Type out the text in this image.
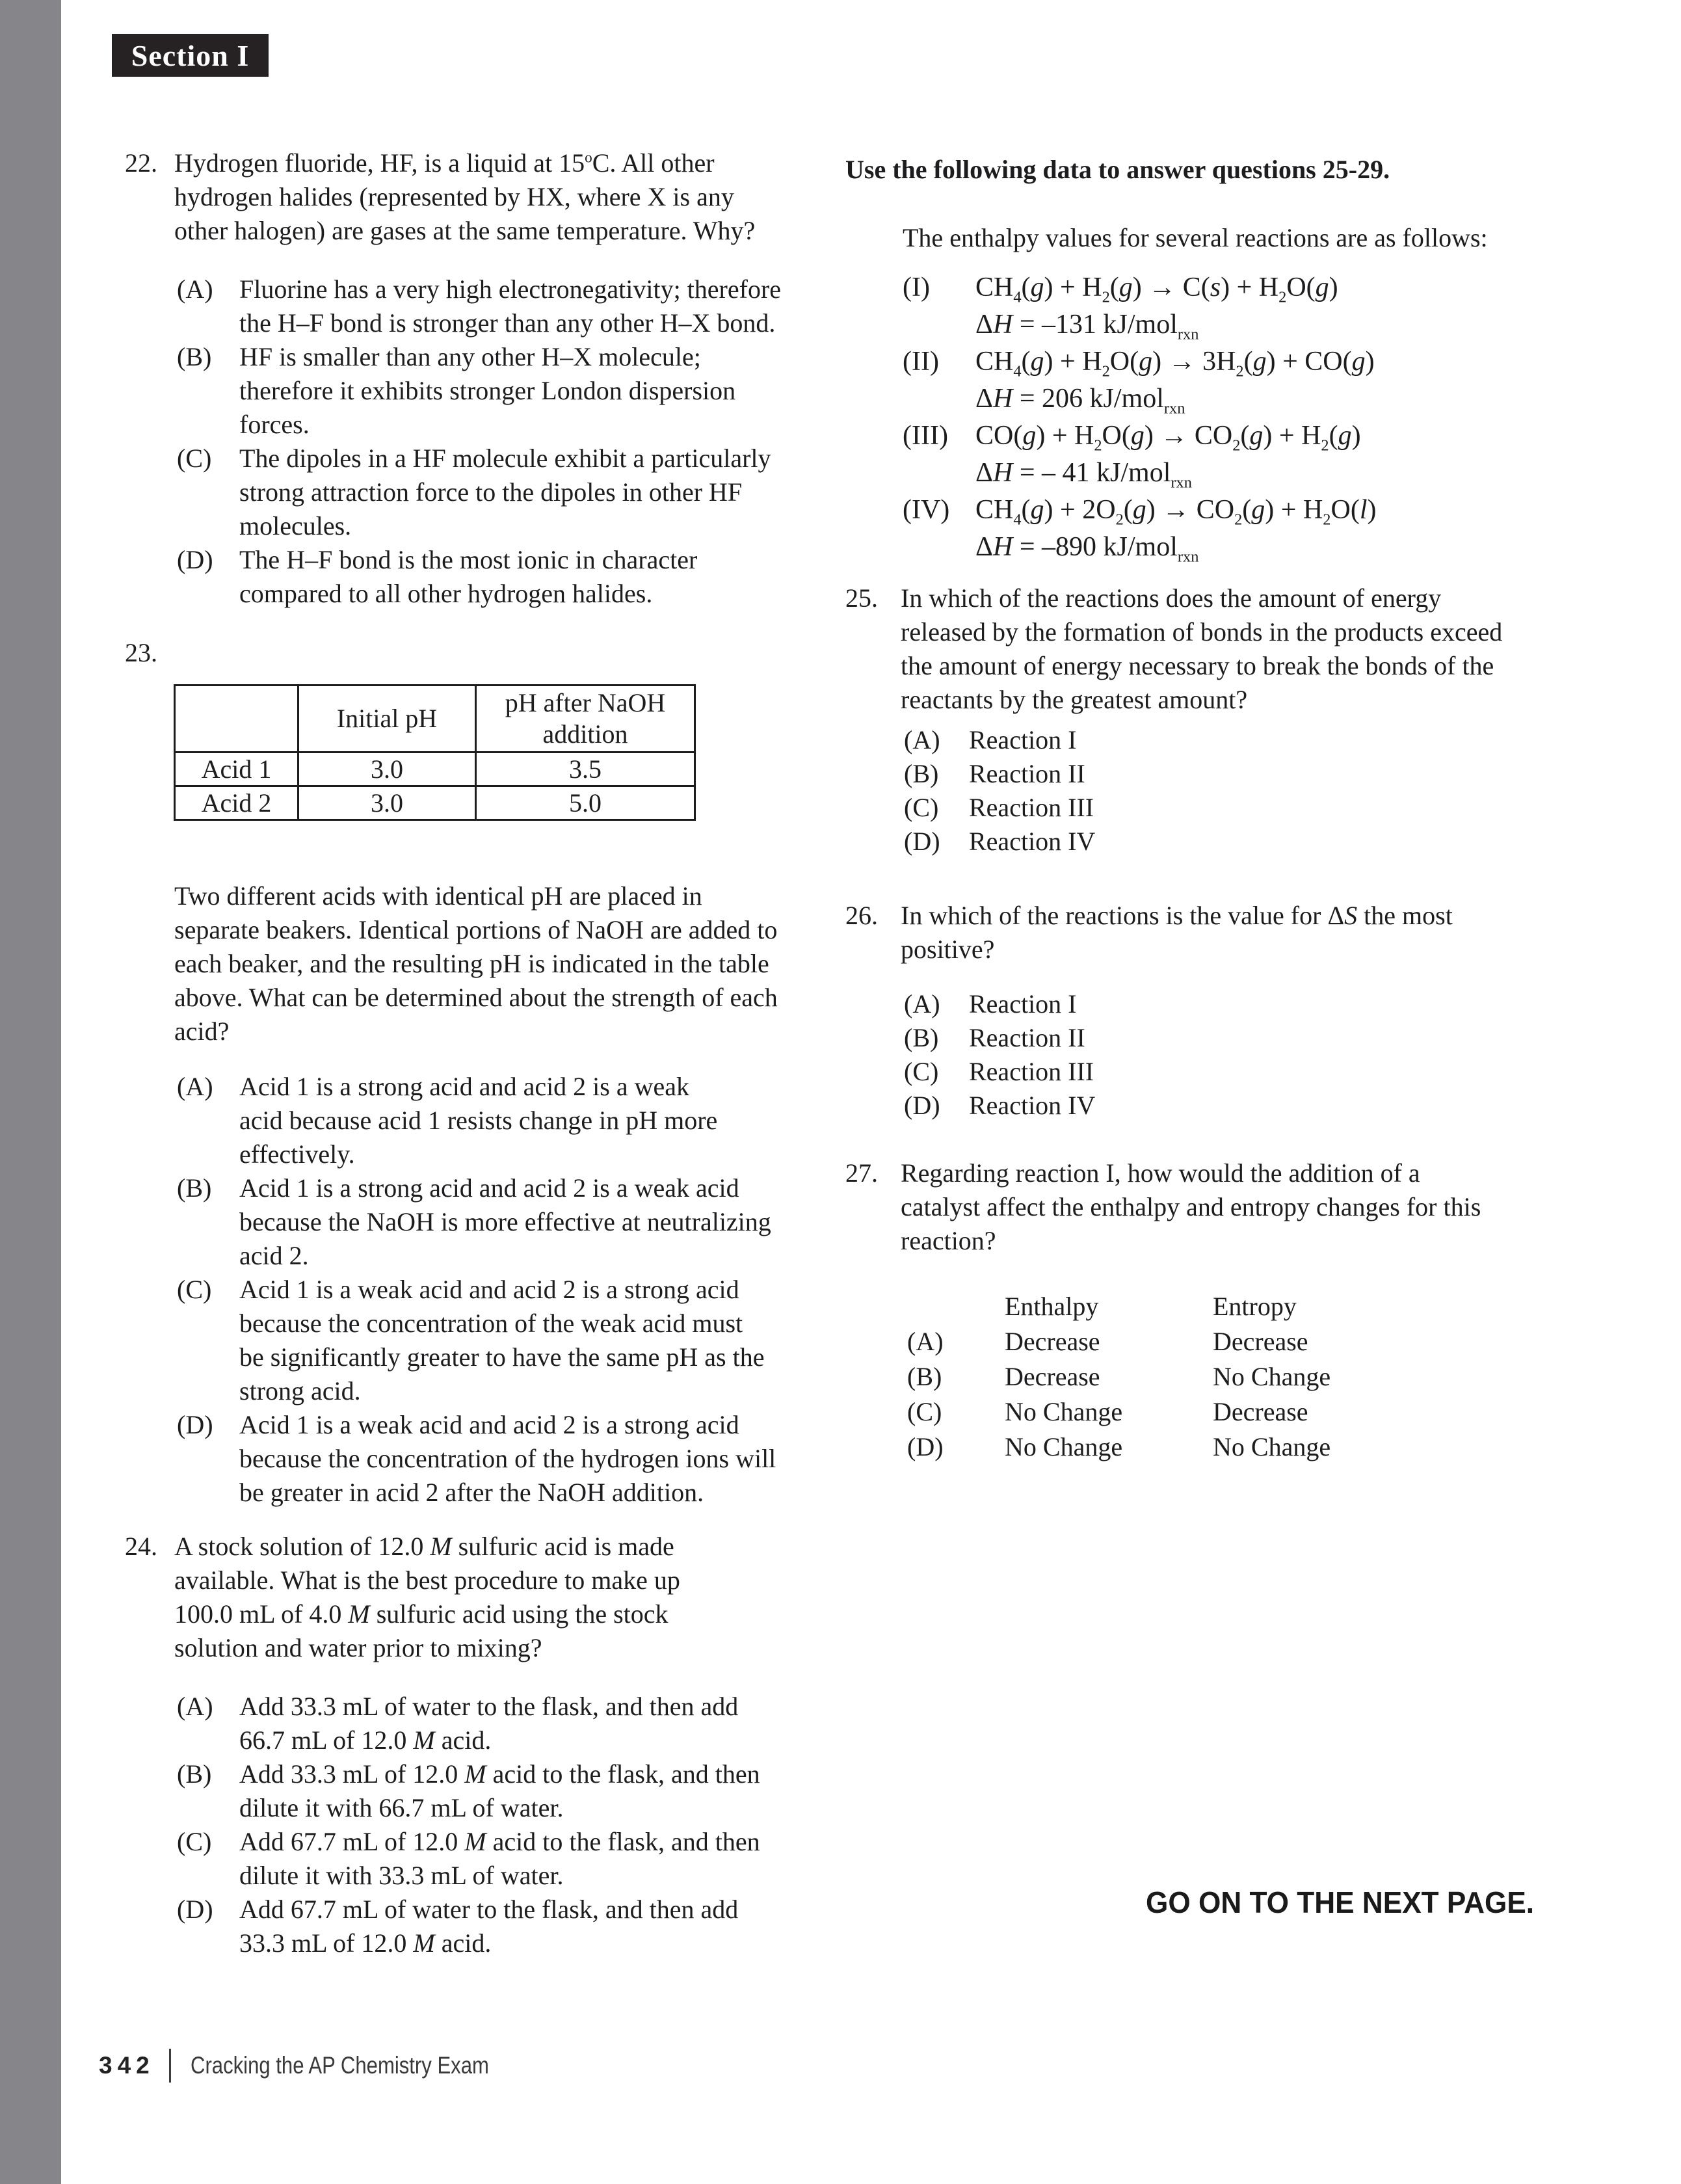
Section I
22. Hydrogen fluoride, HF, is a liquid at 15$^o$C. All other
hydrogen halides (represented by HX, where X is any
other halogen) are gases at the same temperature. Why?
(A)	Fluorine has a very high electronegativity; therefore
the H–F bond is stronger than any other H–X bond.
(B)	HF is smaller than any other H–X molecule;
therefore it exhibits stronger London dispersion
forces.
(C)	The dipoles in a HF molecule exhibit a particularly
strong attraction force to the dipoles in other HF
molecules.
(D)	The H–F bond is the most ionic in character
compared to all other hydrogen halides.
23.
	Initial pH	pH after NaOH
addition

Acid 1	3.0	3.5
Acid 2	3.0	5.0
Two different acids with identical pH are placed in
separate beakers. Identical portions of NaOH are added to
each beaker, and the resulting pH is indicated in the table
above. What can be determined about the strength of each
acid?
(A)	Acid 1 is a strong acid and acid 2 is a weak
acid because acid 1 resists change in pH more
effectively.
(B)	Acid 1 is a strong acid and acid 2 is a weak acid
because the NaOH is more effective at neutralizing
acid 2.
(C)	Acid 1 is a weak acid and acid 2 is a strong acid
because the concentration of the weak acid must
be significantly greater to have the same pH as the
strong acid.
(D)	Acid 1 is a weak acid and acid 2 is a strong acid
because the concentration of the hydrogen ions will
be greater in acid 2 after the NaOH addition.
24. A stock solution of 12.0 M sulfuric acid is made
available. What is the best procedure to make up
100.0 mL of 4.0 M sulfuric acid using the stock
solution and water prior to mixing?
(A)	Add 33.3 mL of water to the flask, and then add
66.7 mL of 12.0 M acid.
(B)	Add 33.3 mL of 12.0 M acid to the flask, and then
dilute it with 66.7 mL of water.
(C)	Add 67.7 mL of 12.0 M acid to the flask, and then
dilute it with 33.3 mL of water.
(D)	Add 67.7 mL of water to the flask, and then add
33.3 mL of 12.0 M acid.
Use the following data to answer questions 25-29.
The enthalpy values for several reactions are as follows:
(I)	$CH_4(g) + H_2(g) \to C(s) + H_2O(g)$
ΔH = –131 kJ/mol$_{rxn}$
(II)	$CH_4(g) + H_2O(g) \to 3H_2(g) + CO(g)$
ΔH = 206 kJ/mol$_{rxn}$
(III)	$CO(g) + H_2O(g) \to CO_2(g) + H_2(g)$
ΔH = – 41 kJ/mol$_{rxn}$
(IV) $CH_4(g) + 2O_2(g) \to CO_2(g) + H_2O(l)$
ΔH = –890 kJ/mol$_{rxn}$
25. In which of the reactions does the amount of energy
released by the formation of bonds in the products exceed
the amount of energy necessary to break the bonds of the
reactants by the greatest amount?
(A)	Reaction I
(B)	Reaction II
(C)	Reaction III
(D)	Reaction IV
26. In which of the reactions is the value for ΔS the most
positive?
(A)	Reaction I
(B)	Reaction II
(C)	Reaction III
(D)	Reaction IV
27. Regarding reaction I, how would the addition of a
catalyst affect the enthalpy and entropy changes for this
reaction?
Enthalpy	Entropy
(A)	Decrease	Decrease
(B)	Decrease	No Change
(C)	No Change	Decrease
(D)	No Change	No Change
GO ON TO THE NEXT PAGE.
342 Cracking the AP Chemistry Exam
